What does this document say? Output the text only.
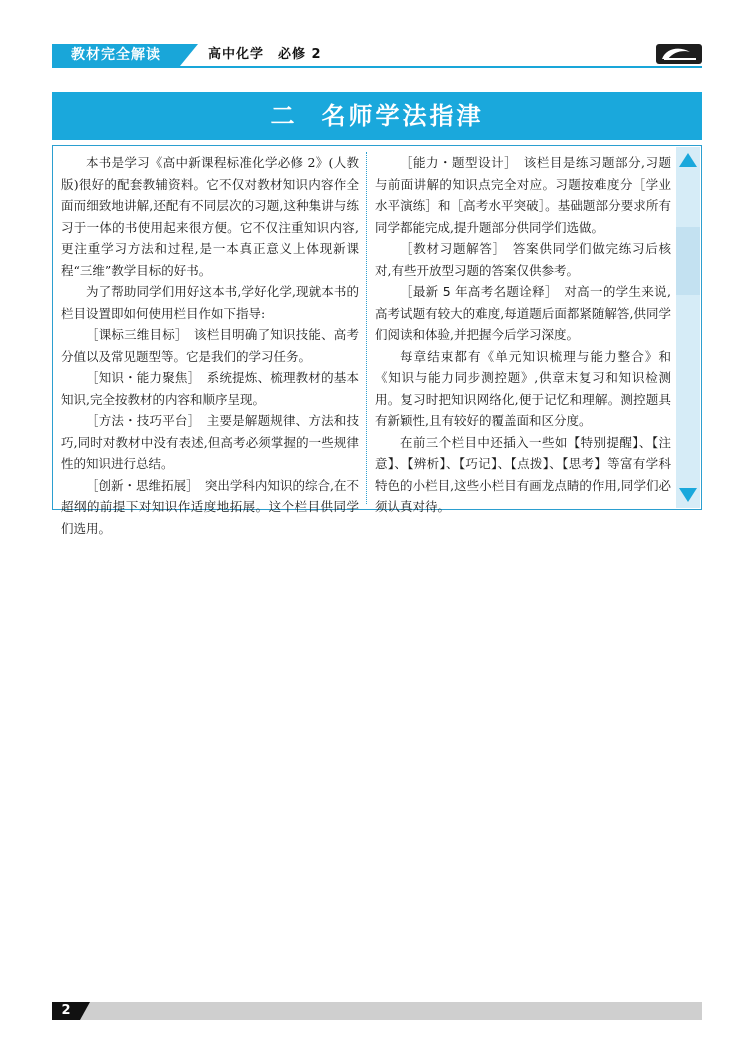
教材完全解读	高中化学　必修 2
二 名师学法指津

本书是学习《高中新课程标准化学必修 2》(人教版)很好的配套教辅资料。它不仅对教材知识内容作全面而细致地讲解,还配有不同层次的习题,这种集讲与练习于一体的书使用起来很方便。它不仅注重知识内容,更注重学习方法和过程,是一本真正意义上体现新课程“三维”教学目标的好书。

为了帮助同学们用好这本书,学好化学,现就本书的栏目设置即如何使用栏目作如下指导:

［课标三维目标］　该栏目明确了知识技能、高考分值以及常见题型等。它是我们的学习任务。

［知识・能力聚焦］　系统提炼、梳理教材的基本知识,完全按教材的内容和顺序呈现。

［方法・技巧平台］　主要是解题规律、方法和技巧,同时对教材中没有表述,但高考必须掌握的一些规律性的知识进行总结。

［创新・思维拓展］　突出学科内知识的综合,在不超纲的前提下对知识作适度地拓展。这个栏目供同学们选用。

［能力・题型设计］　该栏目是练习题部分,习题与前面讲解的知识点完全对应。习题按难度分［学业水平演练］和［高考水平突破］。基础题部分要求所有同学都能完成,提升题部分供同学们选做。

［教材习题解答］　答案供同学们做完练习后核对,有些开放型习题的答案仅供参考。

［最新 5 年高考名题诠释］　对高一的学生来说,高考试题有较大的难度,每道题后面都紧随解答,供同学们阅读和体验,并把握今后学习深度。

每章结束都有《单元知识梳理与能力整合》和《知识与能力同步测控题》,供章末复习和知识检测用。复习时把知识网络化,便于记忆和理解。测控题具有新颖性,且有较好的覆盖面和区分度。

在前三个栏目中还插入一些如【特别提醒】、【注意】、【辨析】、【巧记】、【点拨】、【思考】等富有学科特色的小栏目,这些小栏目有画龙点睛的作用,同学们必须认真对待。

2
